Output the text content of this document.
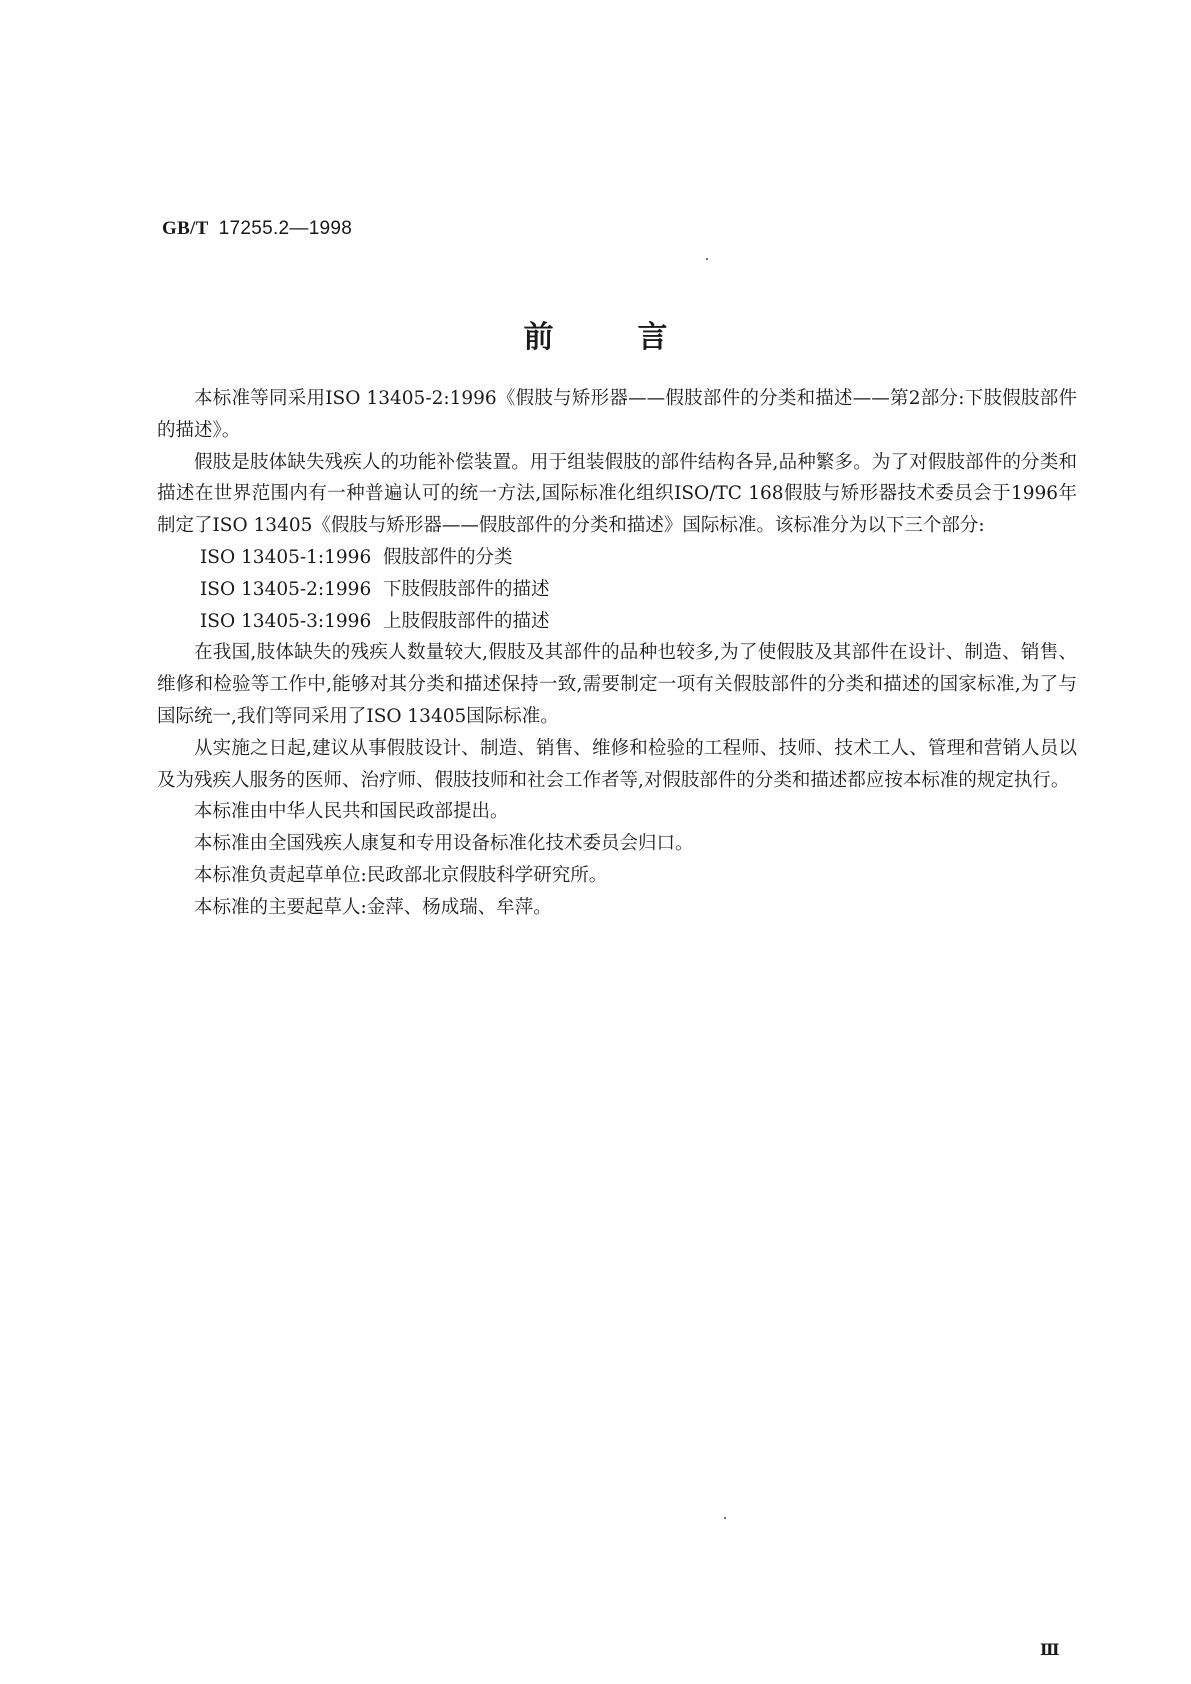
GB/T 17255.2—1998
前言

本标准等同采用ISO 13405-2:1996《假肢与矫形器——假肢部件的分类和描述——第2部分:下肢假肢部件的描述》。

假肢是肢体缺失残疾人的功能补偿装置。用于组装假肢的部件结构各异,品种繁多。为了对假肢部件的分类和描述在世界范围内有一种普遍认可的统一方法,国际标准化组织ISO/TC 168假肢与矫形器技术委员会于1996年制定了ISO 13405《假肢与矫形器——假肢部件的分类和描述》国际标准。该标准分为以下三个部分:

ISO 13405-1:1996 假肢部件的分类

ISO 13405-2:1996 下肢假肢部件的描述

ISO 13405-3:1996 上肢假肢部件的描述

在我国,肢体缺失的残疾人数量较大,假肢及其部件的品种也较多,为了使假肢及其部件在设计、制造、销售、维修和检验等工作中,能够对其分类和描述保持一致,需要制定一项有关假肢部件的分类和描述的国家标准,为了与国际统一,我们等同采用了ISO 13405国际标准。

从实施之日起,建议从事假肢设计、制造、销售、维修和检验的工程师、技师、技术工人、管理和营销人员以及为残疾人服务的医师、治疗师、假肢技师和社会工作者等,对假肢部件的分类和描述都应按本标准的规定执行。

本标准由中华人民共和国民政部提出。

本标准由全国残疾人康复和专用设备标准化技术委员会归口。

本标准负责起草单位:民政部北京假肢科学研究所。

本标准的主要起草人:金萍、杨成瑞、牟萍。

Ⅲ
